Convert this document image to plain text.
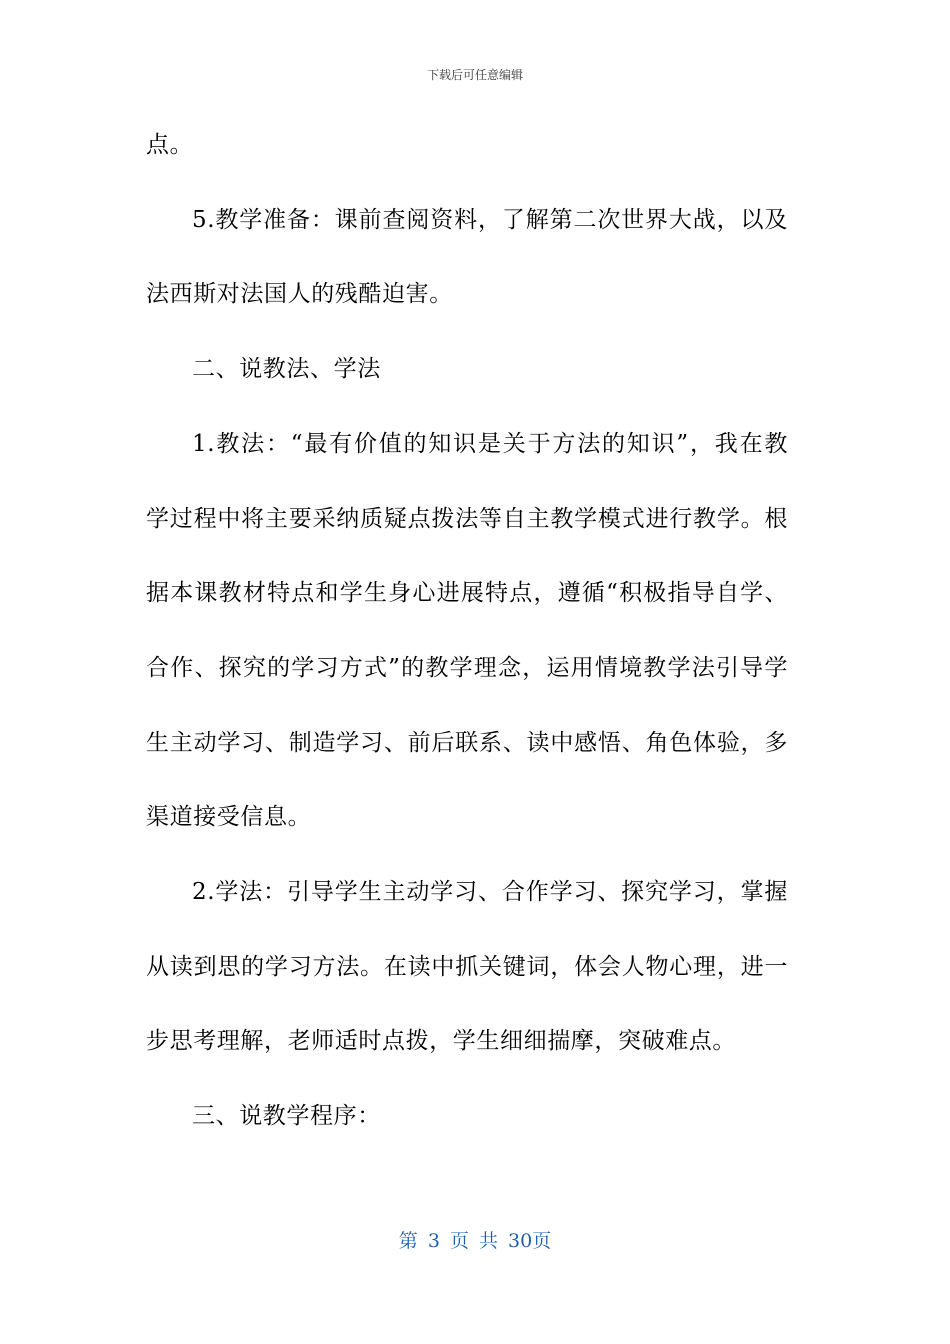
下载后可任意编辑
点。
5.教学准备：课前查阅资料，了解第二次世界大战，以及
法西斯对法国人的残酷迫害。
二、说教法、学法
1.教法：“最有价值的知识是关于方法的知识”，我在教
学过程中将主要采纳质疑点拨法等自主教学模式进行教学。根
据本课教材特点和学生身心进展特点，遵循“积极指导自学、
合作、探究的学习方式”的教学理念，运用情境教学法引导学
生主动学习、制造学习、前后联系、读中感悟、角色体验，多
渠道接受信息。
2.学法：引导学生主动学习、合作学习、探究学习，掌握
从读到思的学习方法。在读中抓关键词，体会人物心理，进一
步思考理解，老师适时点拨，学生细细揣摩，突破难点。
三、说教学程序：
第 3 页 共 30页
